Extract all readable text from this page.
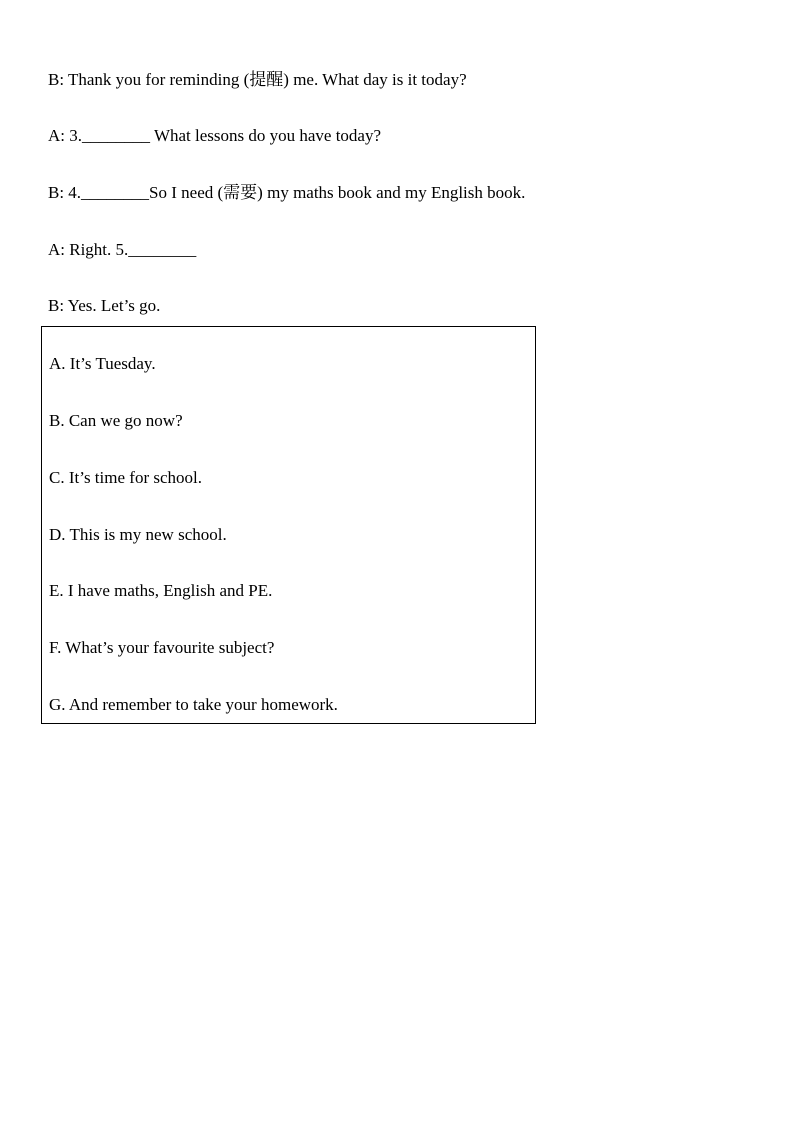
B: Thank you for reminding (提醒) me. What day is it today?
A: 3.________ What lessons do you have today?
B: 4.________So I need (需要) my maths book and my English book.
A: Right. 5.________
B: Yes. Let’s go.
A. It’s Tuesday.
B. Can we go now?
C. It’s time for school.
D. This is my new school.
E. I have maths, English and PE.
F. What’s your favourite subject?
G. And remember to take your homework.
